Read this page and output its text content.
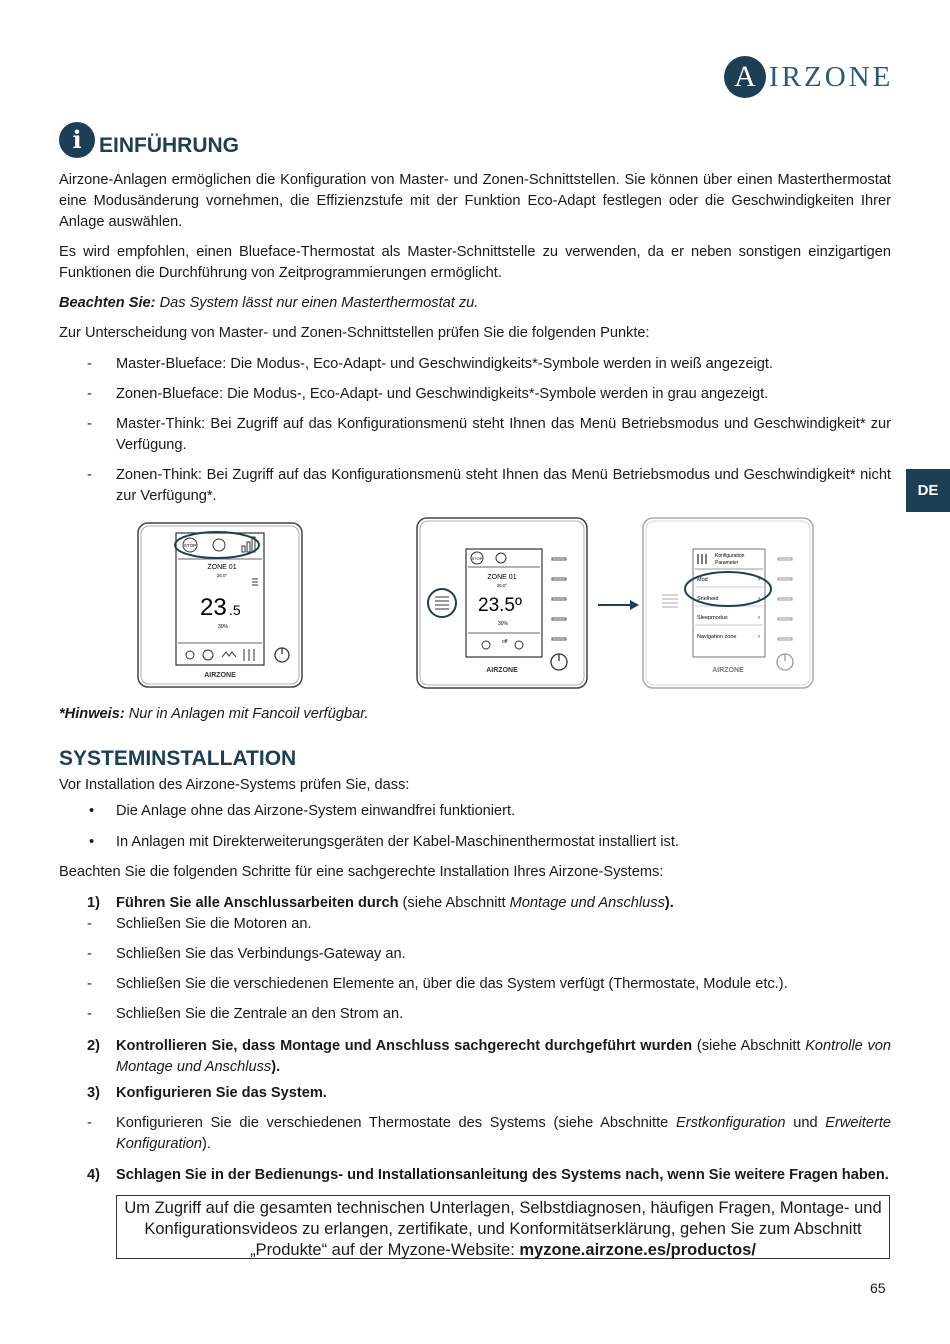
A IRZONE
DE
i EINFÜHRUNG
Airzone-Anlagen ermöglichen die Konfiguration von Master- und Zonen-Schnittstellen. Sie können über einen Masterthermostat eine Modusänderung vornehmen, die Effizienzstufe mit der Funktion Eco-Adapt festlegen oder die Geschwindigkeiten Ihrer Anlage auswählen.
Es wird empfohlen, einen Blueface-Thermostat als Master-Schnittstelle zu verwenden, da er neben sonstigen einzigartigen Funktionen die Durchführung von Zeitprogrammierungen ermöglicht.
Beachten Sie: Das System lässt nur einen Masterthermostat zu.
Zur Unterscheidung von Master- und Zonen-Schnittstellen prüfen Sie die folgenden Punkte:
-	Master-Blueface: Die Modus-, Eco-Adapt- und Geschwindigkeits*-Symbole werden in weiß angezeigt.
-	Zonen-Blueface: Die Modus-, Eco-Adapt- und Geschwindigkeits*-Symbole werden in grau angezeigt.
-	Master-Think: Bei Zugriff auf das Konfigurationsmenü steht Ihnen das Menü Betriebsmodus und Geschwindigkeit* zur Verfügung.
-	Zonen-Think: Bei Zugriff auf das Konfigurationsmenü steht Ihnen das Menü Betriebsmodus und Geschwindigkeit* nicht zur Verfügung*.
STOP
ZONE 01
26.0°
23 .5
30%
AIRZONE
STOP
ZONE 01
26.0°
23.5º
30%
off
AIRZONE
Konfiguration
Parameter
Mod	›
Snelheid	›
Sleepmodus	›
Navigation zone	›
AIRZONE
*Hinweis: Nur in Anlagen mit Fancoil verfügbar.
SYSTEMINSTALLATION
Vor Installation des Airzone-Systems prüfen Sie, dass:
•	Die Anlage ohne das Airzone-System einwandfrei funktioniert.
•	In Anlagen mit Direkterweiterungsgeräten der Kabel-Maschinenthermostat installiert ist.
Beachten Sie die folgenden Schritte für eine sachgerechte Installation Ihres Airzone-Systems:
1)	Führen Sie alle Anschlussarbeiten durch (siehe Abschnitt Montage und Anschluss).
-	Schließen Sie die Motoren an.
-	Schließen Sie das Verbindungs-Gateway an.
-	Schließen Sie die verschiedenen Elemente an, über die das System verfügt (Thermostate, Module etc.).
-	Schließen Sie die Zentrale an den Strom an.
2)	Kontrollieren Sie, dass Montage und Anschluss sachgerecht durchgeführt wurden (siehe Abschnitt Kontrolle von Montage und Anschluss).
3)	Konfigurieren Sie das System.
-	Konfigurieren Sie die verschiedenen Thermostate des Systems (siehe Abschnitte Erstkonfiguration und Erweiterte Konfiguration).
4)	Schlagen Sie in der Bedienungs- und Installationsanleitung des Systems nach, wenn Sie weitere Fragen haben.
Um Zugriff auf die gesamten technischen Unterlagen, Selbstdiagnosen, häufigen Fragen, Montage- und Konfigurationsvideos zu erlangen, zertifikate, und Konformitätserklärung, gehen Sie zum Abschnitt „Produkte“ auf der Myzone-Website: myzone.airzone.es/productos/
65
